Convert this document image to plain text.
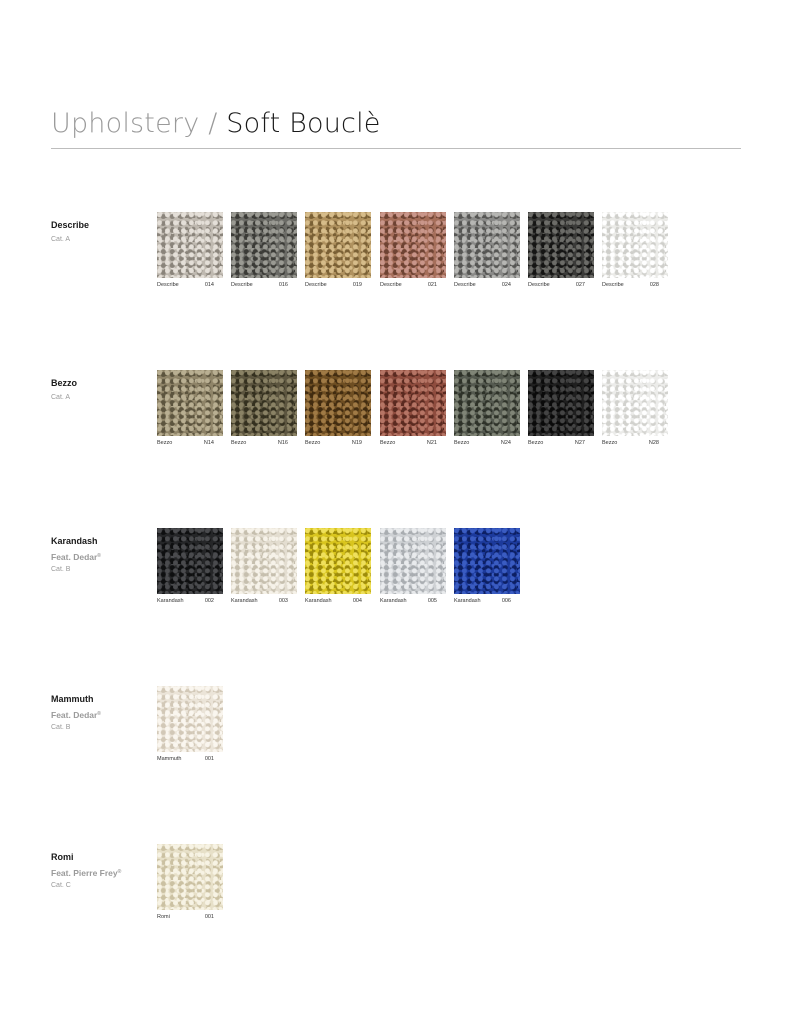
Upholstery / Soft Bouclè
Describe
Cat. A
Describe	014	Describe	016	Describe	019	Describe	021	Describe	024	Describe	027	Describe	028
Bezzo
Cat. A
Bezzo	N14	Bezzo	N16	Bezzo	N19	Bezzo	N21	Bezzo	N24	Bezzo	N27	Bezzo	N28
Karandash
Feat. Dedar®
Cat. B
Karandash	002	Karandash	003	Karandash	004	Karandash	005	Karandash	006
Mammuth
Feat. Dedar®
Cat. B
Mammuth	001
Romi
Feat. Pierre Frey®
Cat. C
Romi	001
